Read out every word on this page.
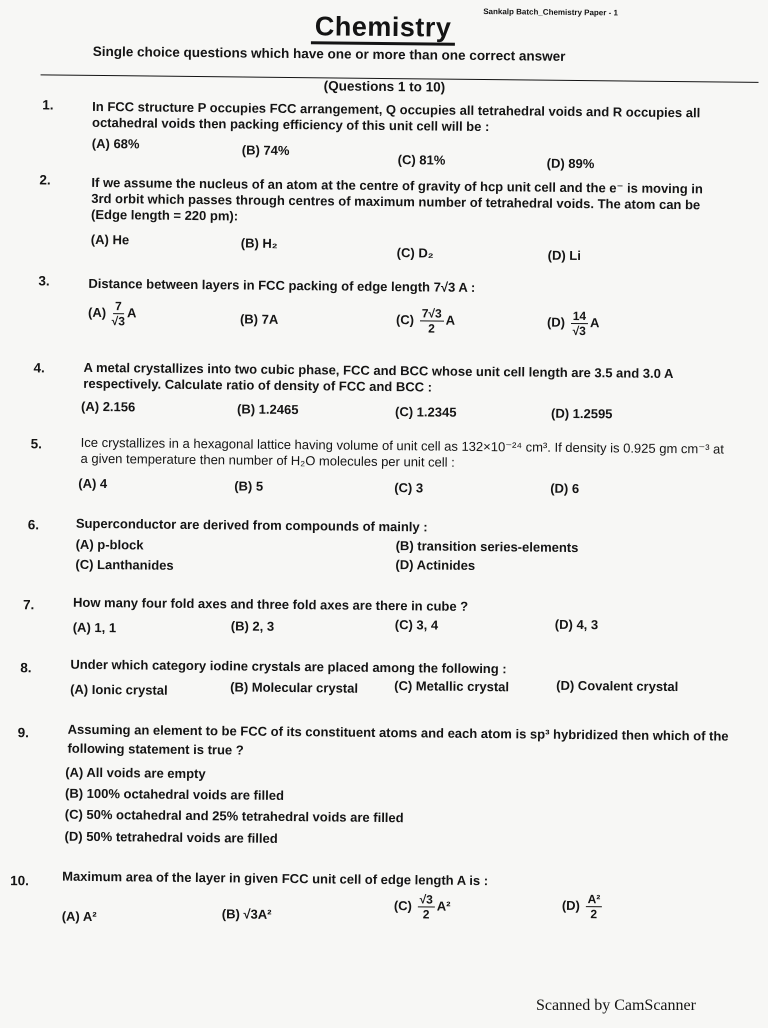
Sankalp Batch_Chemistry Paper - 1
Chemistry
Single choice questions which have one or more than one correct answer
(Questions 1 to 10)
1.	In FCC structure P occupies FCC arrangement, Q occupies all tetrahedral voids and R occupies all octahedral voids then packing efficiency of this unit cell will be :
(A) 68%	(B) 74%
(C) 81%	(D) 89%
2.	If we assume the nucleus of an atom at the centre of gravity of hcp unit cell and the e⁻ is moving in 3rd orbit which passes through centres of maximum number of tetrahedral voids. The atom can be (Edge length = 220 pm):
(A) He	(B) H₂
(C) D₂	(D) Li
3.	Distance between layers in FCC packing of edge length 7√3 A :
$(A) \frac{7}{√3}$ A	(B) 7A	$(C) \frac{7√3}{2}$ A	$(D) \frac{14}{√3}$ A
4.	A metal crystallizes into two cubic phase, FCC and BCC whose unit cell length are 3.5 and 3.0 A respectively. Calculate ratio of density of FCC and BCC :
(A) 2.156	(B) 1.2465	(C) 1.2345	(D) 1.2595
5.	Ice crystallizes in a hexagonal lattice having volume of unit cell as 132×10⁻²⁴ cm³. If density is 0.925 gm cm⁻³ at a given temperature then number of H₂O molecules per unit cell :
(A) 4	(B) 5	(C) 3	(D) 6
6.	Superconductor are derived from compounds of mainly :
(A) p-block	(B) transition series-elements
(C) Lanthanides	(D) Actinides
7.	How many four fold axes and three fold axes are there in cube ?
(A) 1, 1	(B) 2, 3	(C) 3, 4	(D) 4, 3
8.	Under which category iodine crystals are placed among the following :
(A) Ionic crystal	(B) Molecular crystal	(C) Metallic crystal	(D) Covalent crystal
9.	Assuming an element to be FCC of its constituent atoms and each atom is sp³ hybridized then which of the following statement is true ?
(A) All voids are empty
(B) 100% octahedral voids are filled
(C) 50% octahedral and 25% tetrahedral voids are filled
(D) 50% tetrahedral voids are filled
10.	Maximum area of the layer in given FCC unit cell of edge length A is :
(A) A²	(B) √3A²
$(C) \frac{√3}{2} A^2$	$(D) \frac{\text{A²}}{2}$
Scanned by CamScanner
